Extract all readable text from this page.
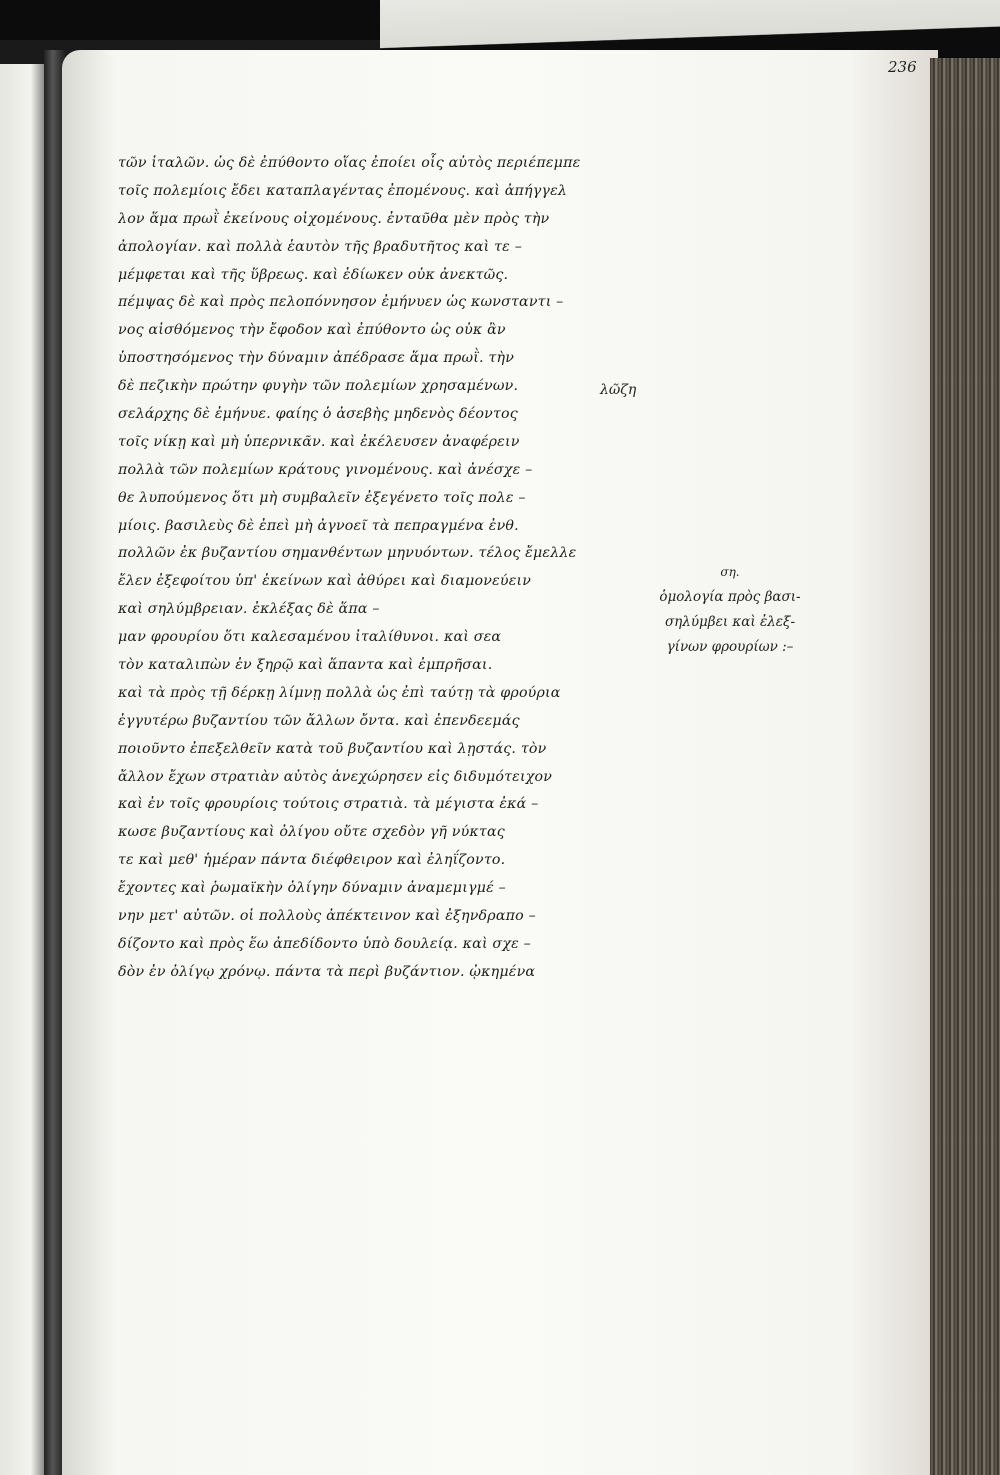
236
τῶν ἰταλῶν. ὡς δὲ ἐπύθοντο οἵας ἐποίει οἷς αὐτὸς περιέπεμπε
τοῖς πολεμίοις ἔδει καταπλαγέντας ἐπομένους. καὶ ἀπήγγελ
λον ἅμα πρωῒ ἐκείνους οἰχομένους. ἐνταῦθα μὲν πρὸς τὴν
ἀπολογίαν. καὶ πολλὰ ἑαυτὸν τῆς βραδυτῆτος καὶ τε –
μέμφεται καὶ τῆς ὕβρεως. καὶ ἐδίωκεν οὐκ ἀνεκτῶς.
πέμψας δὲ καὶ πρὸς πελοπόννησον ἐμήνυεν ὡς κωνσταντι –
νος αἰσθόμενος τὴν ἔφοδον καὶ ἐπύθοντο ὡς οὐκ ἂν
ὑποστησόμενος τὴν δύναμιν ἀπέδρασε ἅμα πρωῒ. τὴν
δὲ πεζικὴν πρώτην φυγὴν τῶν πολεμίων χρησαμένων.
σελάρχης δὲ ἐμήνυε. φαίης ὁ ἀσεβὴς μηδενὸς δέοντος
τοῖς νίκῃ καὶ μὴ ὑπερνικᾶν. καὶ ἐκέλευσεν ἀναφέρειν
πολλὰ τῶν πολεμίων κράτους γινομένους. καὶ ἀνέσχε –
θε λυπούμενος ὅτι μὴ συμβαλεῖν ἐξεγένετο τοῖς πολε –
μίοις. βασιλεὺς δὲ ἐπεὶ μὴ ἀγνοεῖ τὰ πεπραγμένα ἐνθ.
πολλῶν ἐκ βυζαντίου σημανθέντων μηνυόντων. τέλος ἔμελλε
ἔλεν ἐξεφοίτου ὑπ' ἐκείνων καὶ ἀθύρει καὶ διαμονεύειν
καὶ σηλύμβρειαν. ἐκλέξας δὲ ἅπα –
μαν φρουρίου ὅτι καλεσαμένου ἰταλίθυνοι. καὶ σεα
τὸν καταλιπὼν ἐν ξηρῷ καὶ ἅπαντα καὶ ἐμπρῆσαι.
καὶ τὰ πρὸς τῇ δέρκῃ λίμνῃ πολλὰ ὡς ἐπὶ ταύτῃ τὰ φρούρια
ἐγγυτέρω βυζαντίου τῶν ἄλλων ὄντα. καὶ ἐπενδεεμάς
ποιοῦντο ἐπεξελθεῖν κατὰ τοῦ βυζαντίου καὶ λῃστάς. τὸν
ἄλλον ἔχων στρατιὰν αὐτὸς ἀνεχώρησεν εἰς διδυμότειχον
καὶ ἐν τοῖς φρουρίοις τούτοις στρατιὰ. τὰ μέγιστα ἐκά –
κωσε βυζαντίους καὶ ὀλίγου οὔτε σχεδὸν γῆ νύκτας
τε καὶ μεθ' ἡμέραν πάντα διέφθειρον καὶ ἐληΐζοντο.
ἔχοντες καὶ ῥωμαϊκὴν ὀλίγην δύναμιν ἀναμεμιγμέ –
νην μετ' αὐτῶν. οἱ πολλοὺς ἀπέκτεινον καὶ ἐξηνδραπο –
δίζοντο καὶ πρὸς ἕω ἀπεδίδοντο ὑπὸ δουλείᾳ. καὶ σχε –
δὸν ἐν ὀλίγῳ χρόνῳ. πάντα τὰ περὶ βυζάντιον. ᾠκημένα
λῶζη
ση.
ὁμολογία πρὸς βασι-
σηλύμβει καὶ ἐλεξ-
γίνων φρουρίων :–
